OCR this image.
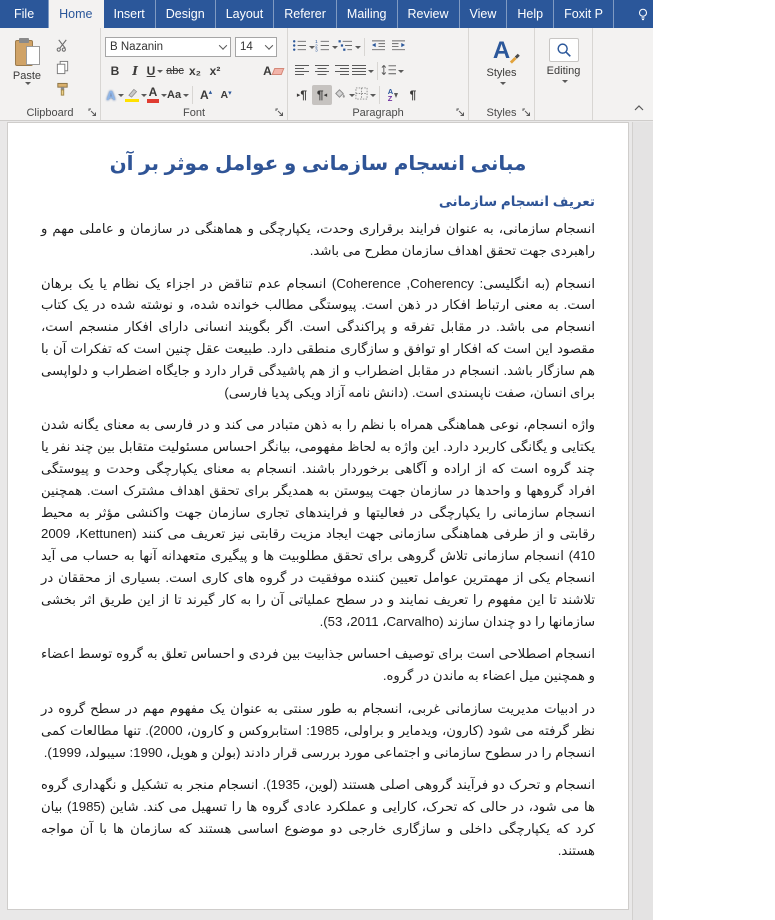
File	Home	Insert	Design	Layout	Referer	Mailing	Review	View	Help	Foxit P	Tell me	Share
Paste
Clipboard
B Nazanin	14
B I U abc x₂ x²	A
A	A Aa A▴ A▾
Font
1
2
3
▸ ¶ ¶ ◂	A
Z ¶
Paragraph
A
Styles
Styles
Editing
مبانی انسجام سازمانی و عوامل موثر بر آن
تعریف انسجام سازمانی

انسجام سازمانی، به عنوان فرایند برقراری وحدت، یکپارچگی و هماهنگی در سازمان و عاملی مهم و راهبردی جهت تحقق اهداف سازمان مطرح می باشد.

انسجام (به انگلیسی: Coherence ,Coherency) انسجام عدم تناقض در اجزاء یک نظام یا یک برهان است. به معنی ارتباط افکار در ذهن است. پیوستگی مطالب خوانده شده، و نوشته شده در یک کتاب انسجام می باشد. در مقابل تفرقه و پراکندگی است. اگر بگویند انسانی دارای افکار منسجم است، مقصود این است که افکار او توافق و سازگاری منطقی دارد. طبیعت عقل چنین است که تفکرات آن با هم سازگار باشد. انسجام در مقابل اضطراب و از هم پاشیدگی قرار دارد و جایگاه اضطراب و دلواپسی برای انسان، صفت ناپسندی است. (دانش نامه آزاد ویکی پدیا فارسی)

واژه انسجام، نوعی هماهنگی همراه با نظم را به ذهن متبادر می کند و در فارسی به معنای یگانه شدن یکتایی و یگانگی کاربرد دارد. این واژه به لحاظ مفهومی، بیانگر احساس مسئولیت متقابل بین چند نفر یا چند گروه است که از اراده و آگاهی برخوردار باشند. انسجام به معنای یکپارچگی وحدت و پیوستگی افراد گروهها و واحدها در سازمان جهت پیوستن به همدیگر برای تحقق اهداف مشترک است. همچنین انسجام سازمانی را یکپارچگی در فعالیتها و فرایندهای تجاری سازمان جهت واکنشی مؤثر به محیط رقابتی و از طرفی هماهنگی سازمانی جهت ایجاد مزیت رقابتی نیز تعریف می کنند (Kettunen‏، 2009 410) انسجام سازمانی تلاش گروهی برای تحقق مطلوبیت ها و پیگیری متعهدانه آنها به حساب می آید انسجام یکی از مهمترین عوامل تعیین کننده موفقیت در گروه های کاری است. بسیاری از محققان در تلاشند تا این مفهوم را تعریف نمایند و در سطح عملیاتی آن را به کار گیرند تا از این طریق اثر بخشی سازمانها را دو چندان سازند (Carvalho‏، 2011، 53).

انسجام اصطلاحی است برای توصیف احساس جذابیت بین فردی و احساس تعلق به گروه توسط اعضاء و همچنین میل اعضاء به ماندن در گروه.

در ادبیات مدیریت سازمانی غربی، انسجام به طور سنتی به عنوان یک مفهوم مهم در سطح گروه در نظر گرفته می شود (کارون، ویدمایر و براولی، 1985: استابروکس و کارون، 2000). تنها مطالعات کمی انسجام را در سطوح سازمانی و اجتماعی مورد بررسی قرار دادند (بولن و هویل، 1990: سیبولد، 1999).

انسجام و تحرک دو فرآیند گروهی اصلی هستند (لوین، 1935). انسجام منجر به تشکیل و نگهداری گروه ها می شود، در حالی که تحرک، کارایی و عملکرد عادی گروه ها را تسهیل می کند. شاین (1985) بیان کرد که یکپارچگی داخلی و سازگاری خارجی دو موضوع اساسی هستند که سازمان ها با آن مواجه هستند.
